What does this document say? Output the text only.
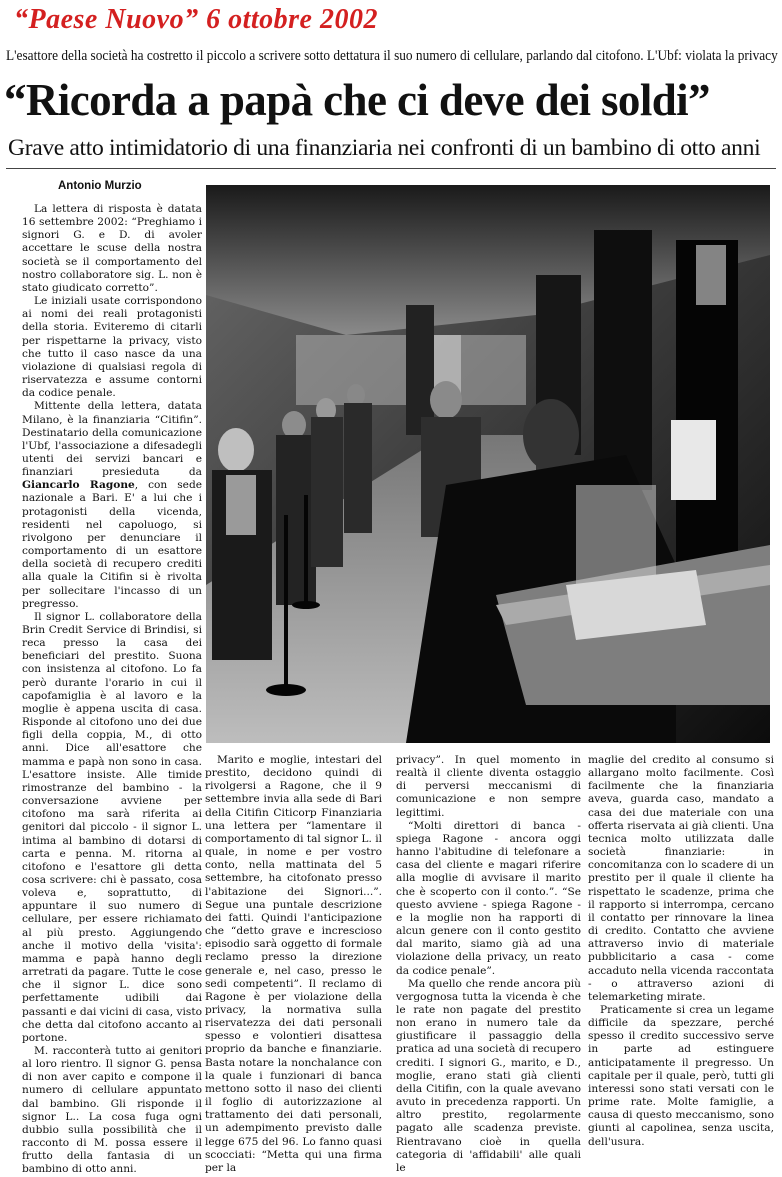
“Paese Nuovo” 6 ottobre 2002
L'esattore della società ha costretto il piccolo a scrivere sotto dettatura il suo numero di cellulare, parlando dal citofono. L'Ubf: violata la privacy
“Ricorda a papà che ci deve dei soldi”
Grave atto intimidatorio di una finanziaria nei confronti di un bambino di otto anni
Antonio Murzio

La lettera di risposta è datata 16 settembre 2002: “Preghiamo i signori G. e D. di avoler accettare le scuse della nostra società se il comportamento del nostro collaboratore sig. L. non è stato giudicato corretto”.

Le iniziali usate corrispondono ai nomi dei reali protagonisti della storia. Eviteremo di citarli per rispettarne la privacy, visto che tutto il caso nasce da una violazione di qualsiasi regola di riservatezza e assume contorni da codice penale.

Mittente della lettera, datata Milano, è la finanziaria “Citifin”. Destinatario della comunicazione l'Ubf, l'associazione a difesadegli utenti dei servizi bancari e finanziari presieduta da Giancarlo Ragone, con sede nazionale a Bari. E' a lui che i protagonisti della vicenda, residenti nel capoluogo, si rivolgono per denunciare il comportamento di un esattore della società di recupero crediti alla quale la Citifin si è rivolta per sollecitare l'incasso di un pregresso.

Il signor L. collaboratore della Brin Credit Service di Brindisi, si reca presso la casa dei beneficiari del prestito. Suona con insistenza al citofono. Lo fa però durante l'orario in cui il capofamiglia è al lavoro e la moglie è appena uscita di casa. Risponde al citofono uno dei due figli della coppia, M., di otto anni. Dice all'esattore che mamma e papà non sono in casa. L'esattore insiste. Alle timide rimostranze del bambino - la conversazione avviene per citofono ma sarà riferita ai genitori dal piccolo - il signor L. intima al bambino di dotarsi di carta e penna. M. ritorna al citofono e l'esattore gli detta cosa scrivere: chi è passato, cosa voleva e, soprattutto, di appuntare il suo numero di cellulare, per essere richiamato al più presto. Aggiungendo anche il motivo della 'visita': mamma e papà hanno degli arretrati da pagare. Tutte le cose che il signor L. dice sono perfettamente udibili dai passanti e dai vicini di casa, visto che detta dal citofono accanto al portone.

M. racconterà tutto ai genitori al loro rientro. Il signor G. pensa di non aver capito e compone il numero di cellulare appuntato dal bambino. Gli risponde il signor L.. La cosa fuga ogni dubbio sulla possibilità che il racconto di M. possa essere il frutto della fantasia di un bambino di otto anni.

Marito e moglie, intestari del prestito, decidono quindi di rivolgersi a Ragone, che il 9 settembre invia alla sede di Bari della Citifin Citicorp Finanziaria una lettera per “lamentare il comportamento di tal signor L. il quale, in nome e per vostro conto, nella mattinata del 5 settembre, ha citofonato presso l'abitazione dei Signori...”. Segue una puntale descrizione dei fatti. Quindi l'anticipazione che “detto grave e increscioso episodio sarà oggetto di formale reclamo presso la direzione generale e, nel caso, presso le sedi competenti”. Il reclamo di Ragone è per violazione della privacy, la normativa sulla riservatezza dei dati personali spesso e volontieri disattesa proprio da banche e finanziarie. Basta notare la nonchalance con la quale i funzionari di banca mettono sotto il naso dei clienti il foglio di autorizzazione al trattamento dei dati personali, un adempimento previsto dalle legge 675 del 96. Lo fanno quasi scocciati: “Metta qui una firma per la

privacy”. In quel momento in realtà il cliente diventa ostaggio di perversi meccanismi di comunicazione e non sempre legittimi.

“Molti direttori di banca - spiega Ragone - ancora oggi hanno l'abitudine di telefonare a casa del cliente e magari riferire alla moglie di avvisare il marito che è scoperto con il conto.”. “Se questo avviene - spiega Ragone - e la moglie non ha rapporti di alcun genere con il conto gestito dal marito, siamo già ad una violazione della privacy, un reato da codice penale”.

Ma quello che rende ancora più vergognosa tutta la vicenda è che le rate non pagate del prestito non erano in numero tale da giustificare il passaggio della pratica ad una società di recupero crediti. I signori G., marito, e D., moglie, erano stati già clienti della Citifin, con la quale avevano avuto in precedenza rapporti. Un altro prestito, regolarmente pagato alle scadenza previste. Rientravano cioè in quella categoria di 'affidabili' alle quali le

maglie del credito al consumo si allargano molto facilmente. Così facilmente che la finanziaria aveva, guarda caso, mandato a casa dei due materiale con una offerta riservata ai già clienti. Una tecnica molto utilizzata dalle società finanziarie: in concomitanza con lo scadere di un prestito per il quale il cliente ha rispettato le scadenze, prima che il rapporto si interrompa, cercano il contatto per rinnovare la linea di credito. Contatto che avviene attraverso invio di materiale pubblicitario a casa - come accaduto nella vicenda raccontata - o attraverso azioni di telemarketing mirate.

Praticamente si crea un legame difficile da spezzare, perché spesso il credito successivo serve in parte ad estinguere anticipatamente il pregresso. Un capitale per il quale, però, tutti gli interessi sono stati versati con le prime rate. Molte famiglie, a causa di questo meccanismo, sono giunti al capolinea, senza uscita, dell'usura.
